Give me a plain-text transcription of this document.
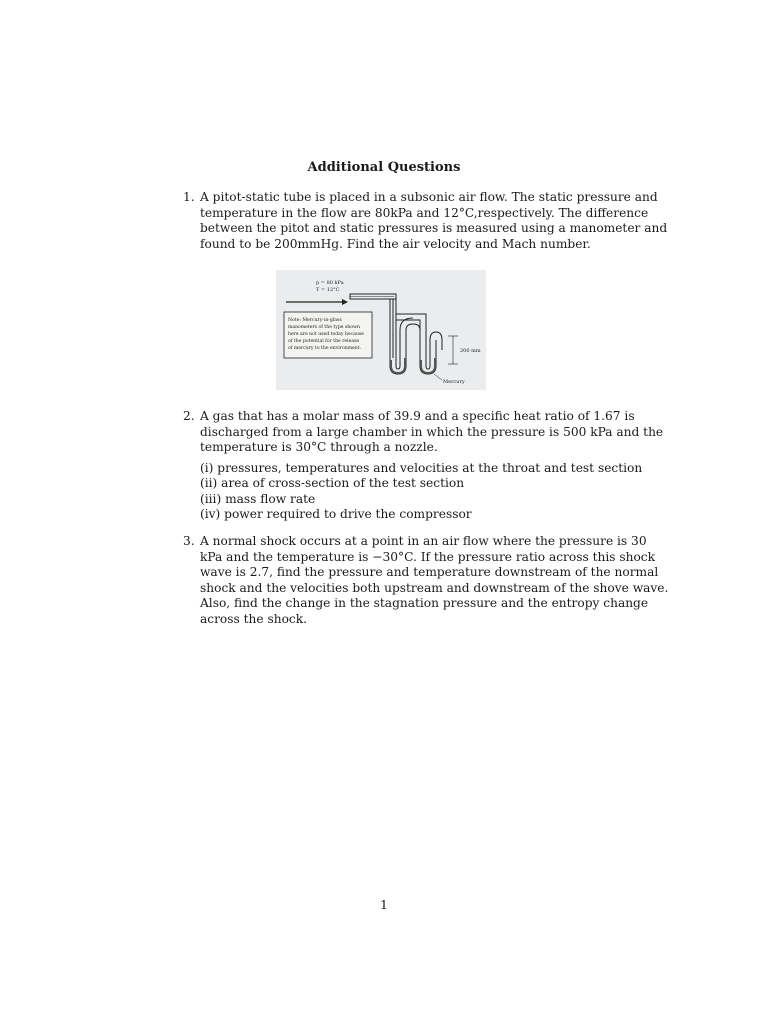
Additional Questions
1. A pitot-static tube is placed in a subsonic air flow. The static pressure and
temperature in the flow are 80kPa and 12°C,respectively. The difference
between the pitot and static pressures is measured using a manometer and
found to be 200mmHg. Find the air velocity and Mach number.
p = 80 kPa
T = 12°C
200 mm
Mercury
Note: Mercury-in-glass
manometers of the type shown
here are not used today because
of the potential for the release
of mercury to the environment.
2. A gas that has a molar mass of 39.9 and a specific heat ratio of 1.67 is
discharged from a large chamber in which the pressure is 500 kPa and the
temperature is 30°C through a nozzle.
(i) pressures, temperatures and velocities at the throat and test section
(ii) area of cross-section of the test section
(iii) mass flow rate
(iv) power required to drive the compressor
3. A normal shock occurs at a point in an air flow where the pressure is 30
kPa and the temperature is −30°C. If the pressure ratio across this shock
wave is 2.7, find the pressure and temperature downstream of the normal
shock and the velocities both upstream and downstream of the shove wave.
Also, find the change in the stagnation pressure and the entropy change
across the shock.
1
